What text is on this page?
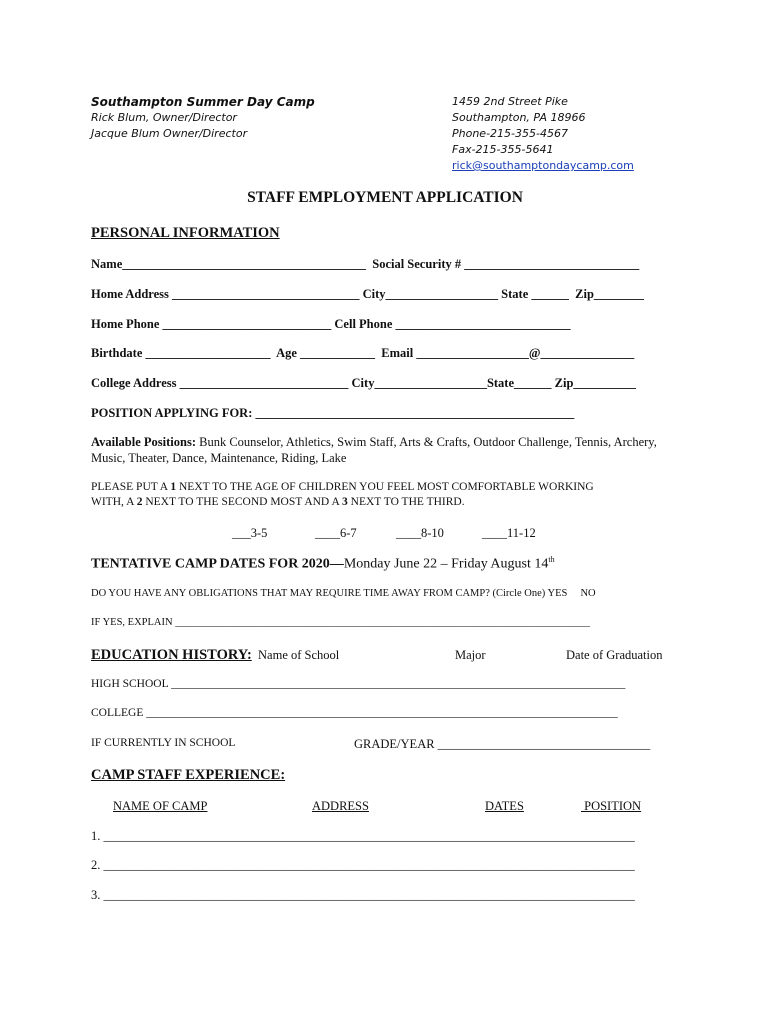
Southampton Summer Day Camp
Rick Blum, Owner/Director
Jacque Blum Owner/Director
1459 2nd Street Pike
Southampton, PA 18966
Phone-215-355-4567
Fax-215-355-5641
rick@southamptondaycamp.com
STAFF EMPLOYMENT APPLICATION
PERSONAL INFORMATION
Name_______________________________________  Social Security # ____________________________
Home Address ______________________________ City__________________ State ______  Zip________
Home Phone ___________________________ Cell Phone ____________________________
Birthdate ____________________  Age ____________  Email __________________@_______________
College Address ___________________________ City__________________State______ Zip__________
POSITION APPLYING FOR: ___________________________________________________
Available Positions: Bunk Counselor, Athletics, Swim Staff, Arts & Crafts, Outdoor Challenge, Tennis, Archery,
Music, Theater, Dance, Maintenance, Riding, Lake
PLEASE PUT A 1 NEXT TO THE AGE OF CHILDREN YOU FEEL MOST COMFORTABLE WORKING
WITH, A 2 NEXT TO THE SECOND MOST AND A 3 NEXT TO THE THIRD.
___3-5	____6-7	____8-10	____11-12
TENTATIVE CAMP DATES FOR 2020—Monday June 22 – Friday August 14th
DO YOU HAVE ANY OBLIGATIONS THAT MAY REQUIRE TIME AWAY FROM CAMP? (Circle One) YES     NO
IF YES, EXPLAIN _______________________________________________________________________________
EDUCATION HISTORY:  Name of School	Major	Date of Graduation
HIGH SCHOOL _______________________________________________________________________________
COLLEGE __________________________________________________________________________________
IF CURRENTLY IN SCHOOL	GRADE/YEAR __________________________________
CAMP STAFF EXPERIENCE:
NAME OF CAMP	ADDRESS	DATES	POSITION
1. _____________________________________________________________________________________
2. _____________________________________________________________________________________
3. _____________________________________________________________________________________
